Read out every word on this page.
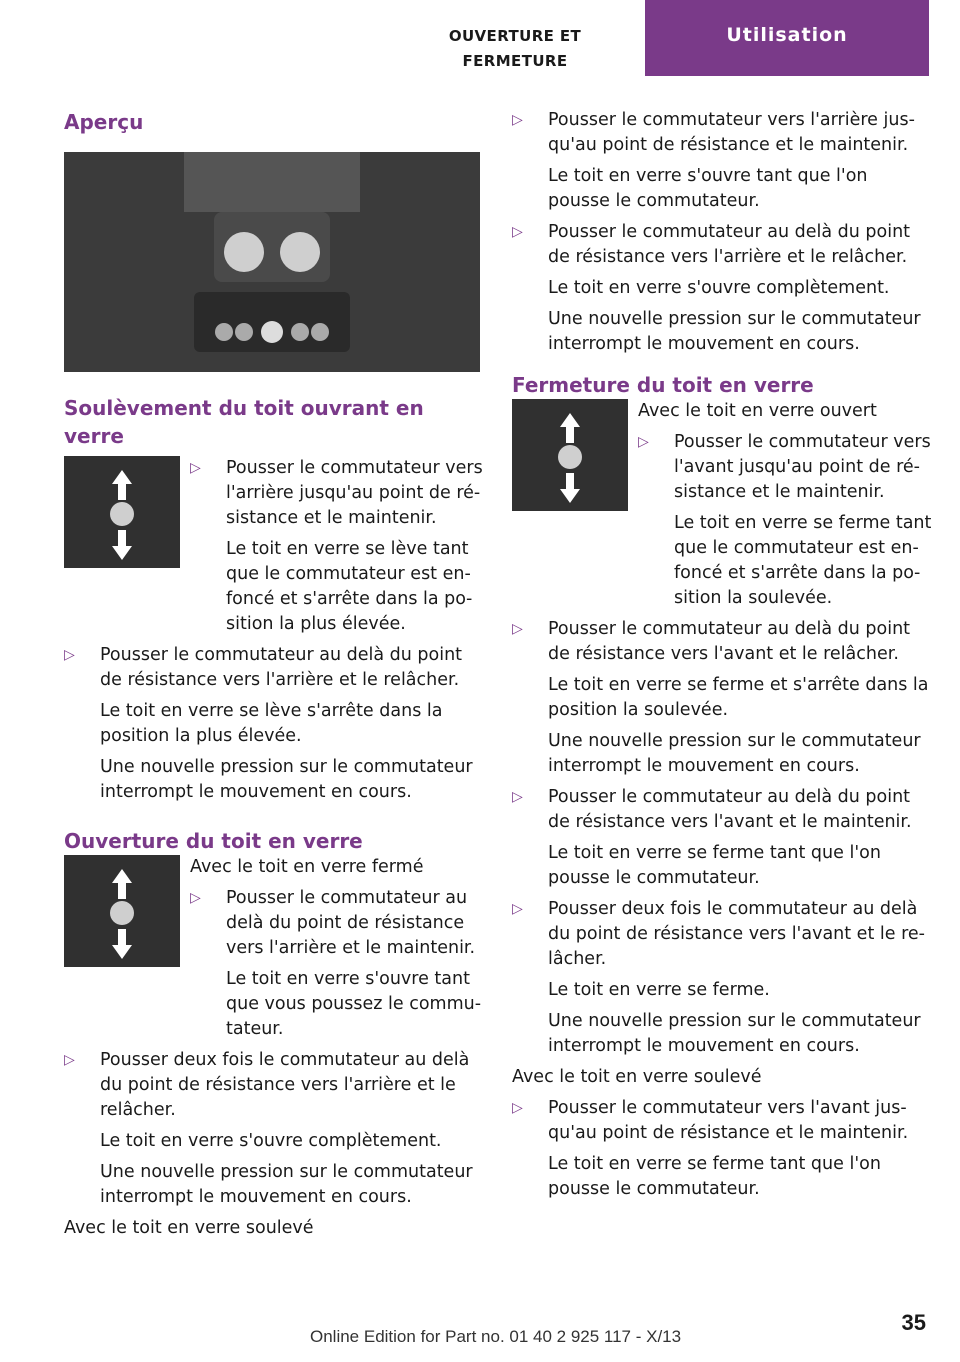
OUVERTURE ET FERMETURE
Utilisation
Aperçu
Soulèvement du toit ouvrant en verre
▷ Pousser le commutateur vers l'arrière jusqu'au point de résistance et le maintenir.

Le toit en verre se lève tant que le commutateur est enfoncé et s'arrête dans la position la plus élevée.

▷ Pousser le commutateur au delà du point de résistance vers l'arrière et le relâcher.

Le toit en verre se lève s'arrête dans la position la plus élevée.

Une nouvelle pression sur le commutateur interrompt le mouvement en cours.

Ouverture du toit en verre

Avec le toit en verre fermé

▷ Pousser le commutateur au delà du point de résistance vers l'arrière et le maintenir.

Le toit en verre s'ouvre tant que vous poussez le commutateur.

▷ Pousser deux fois le commutateur au delà du point de résistance vers l'arrière et le relâcher.

Le toit en verre s'ouvre complètement.

Une nouvelle pression sur le commutateur interrompt le mouvement en cours.

Avec le toit en verre soulevé

▷ Pousser le commutateur vers l'arrière jusqu'au point de résistance et le maintenir.

Le toit en verre s'ouvre tant que l'on pousse le commutateur.

▷ Pousser le commutateur au delà du point de résistance vers l'arrière et le relâcher.

Le toit en verre s'ouvre complètement.

Une nouvelle pression sur le commutateur interrompt le mouvement en cours.

Fermeture du toit en verre

Avec le toit en verre ouvert

▷ Pousser le commutateur vers l'avant jusqu'au point de résistance et le maintenir.

Le toit en verre se ferme tant que le commutateur est enfoncé et s'arrête dans la position la soulevée.

▷ Pousser le commutateur au delà du point de résistance vers l'avant et le relâcher.

Le toit en verre se ferme et s'arrête dans la position la soulevée.

Une nouvelle pression sur le commutateur interrompt le mouvement en cours.

▷ Pousser le commutateur au delà du point de résistance vers l'avant et le maintenir.

Le toit en verre se ferme tant que l'on pousse le commutateur.

▷ Pousser deux fois le commutateur au delà du point de résistance vers l'avant et le relâcher.

Le toit en verre se ferme.

Une nouvelle pression sur le commutateur interrompt le mouvement en cours.

Avec le toit en verre soulevé

▷ Pousser le commutateur vers l'avant jusqu'au point de résistance et le maintenir.

Le toit en verre se ferme tant que l'on pousse le commutateur.

Online Edition for Part no. 01 40 2 925 117 - X/13
35
